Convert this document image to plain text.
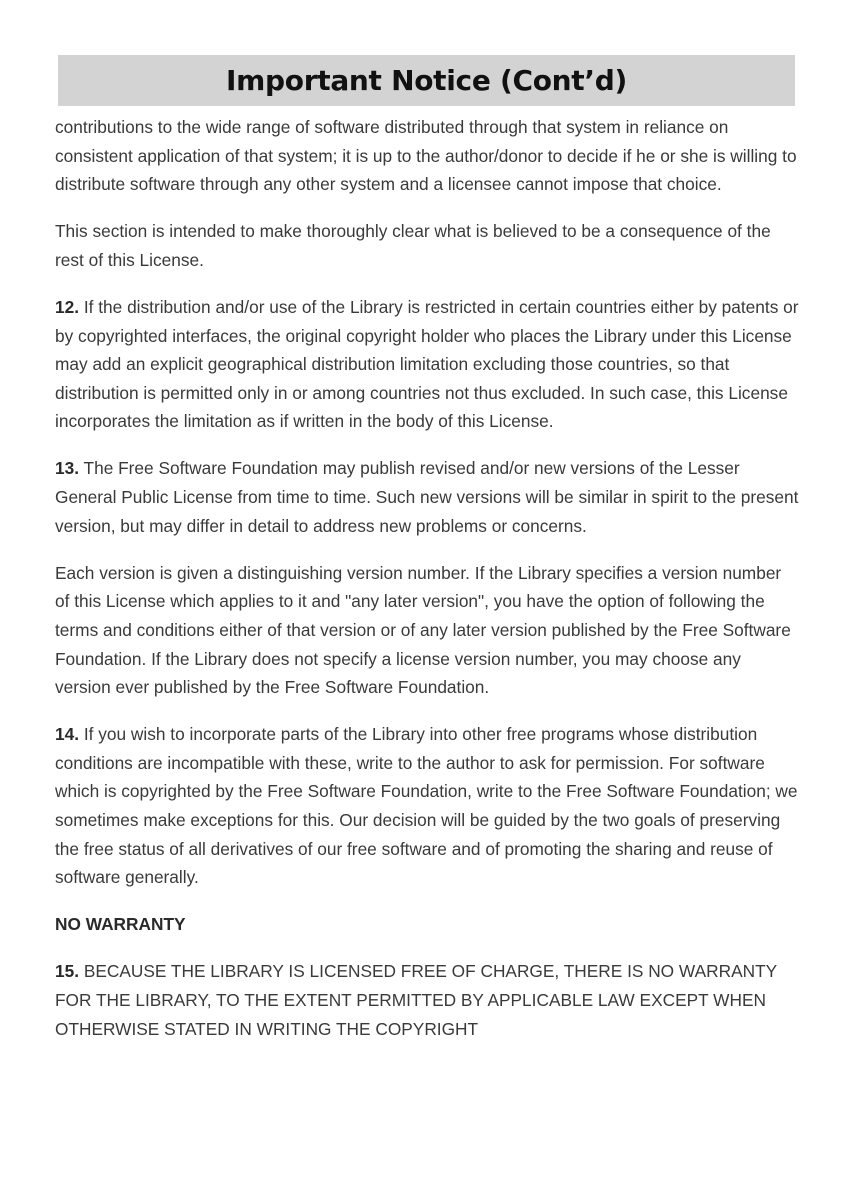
Important Notice (Cont’d)

contributions to the wide range of software distributed through that system in reliance on consistent application of that system; it is up to the author/donor to decide if he or she is willing to distribute software through any other system and a licensee cannot impose that choice.

This section is intended to make thoroughly clear what is believed to be a consequence of the rest of this License.

12. If the distribution and/or use of the Library is restricted in certain countries either by patents or by copyrighted interfaces, the original copyright holder who places the Library under this License may add an explicit geographical distribution limitation excluding those countries, so that distribution is permitted only in or among countries not thus excluded. In such case, this License incorporates the limitation as if written in the body of this License.

13. The Free Software Foundation may publish revised and/or new versions of the Lesser General Public License from time to time. Such new versions will be similar in spirit to the present version, but may differ in detail to address new problems or concerns.

Each version is given a distinguishing version number. If the Library specifies a version number of this License which applies to it and "any later version", you have the option of following the terms and conditions either of that version or of any later version published by the Free Software Foundation. If the Library does not specify a license version number, you may choose any version ever published by the Free Software Foundation.

14. If you wish to incorporate parts of the Library into other free programs whose distribution conditions are incompatible with these, write to the author to ask for permission. For software which is copyrighted by the Free Software Foundation, write to the Free Software Foundation; we sometimes make exceptions for this. Our decision will be guided by the two goals of preserving the free status of all derivatives of our free software and of promoting the sharing and reuse of software generally.

NO WARRANTY

15. BECAUSE THE LIBRARY IS LICENSED FREE OF CHARGE, THERE IS NO WARRANTY FOR THE LIBRARY, TO THE EXTENT PERMITTED BY APPLICABLE LAW EXCEPT WHEN OTHERWISE STATED IN WRITING THE COPYRIGHT
